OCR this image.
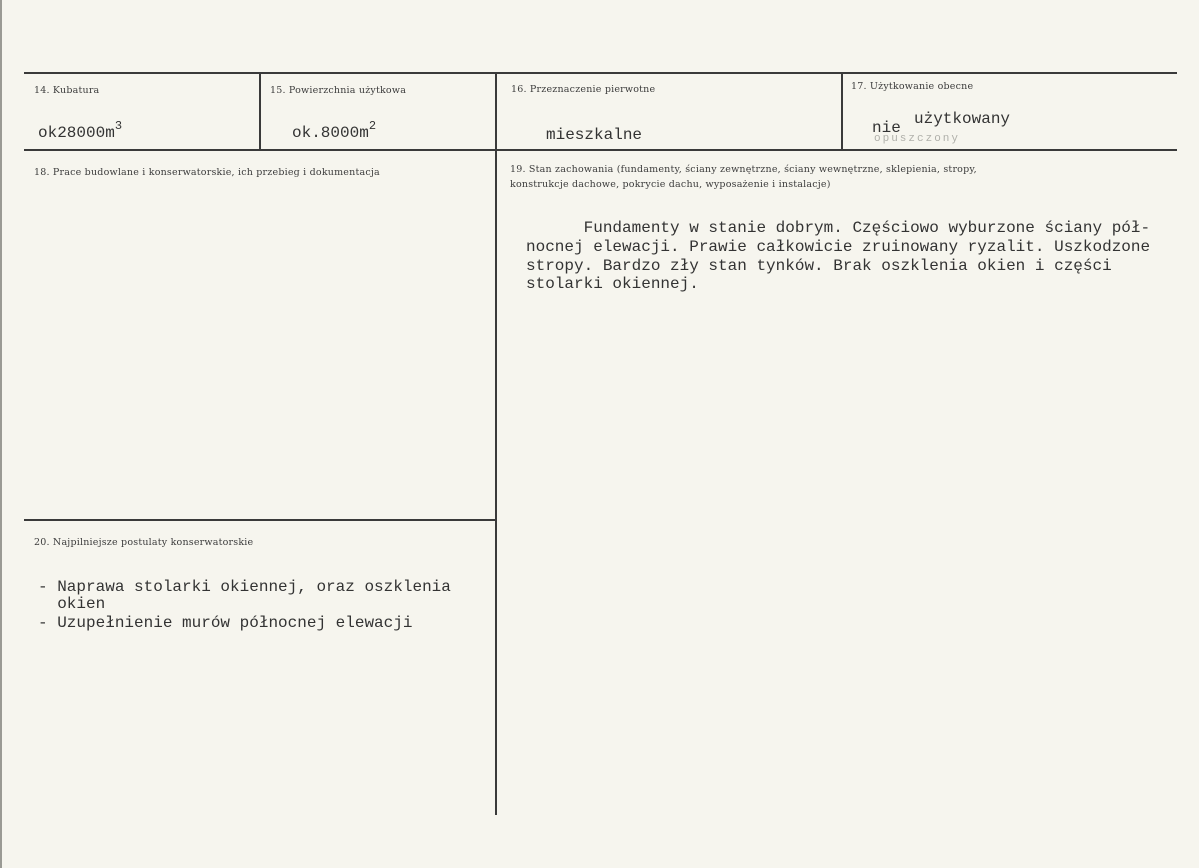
14. Kubatura
$ok28000m^3$
15. Powierzchnia użytkowa
$ok.8000m^2$
16. Przeznaczenie pierwotne
mieszkalne
17. Użytkowanie obecne
nie użytkowany
opuszczony
18. Prace budowlane i konserwatorskie, ich przebieg i dokumentacja	19. Stan zachowania (fundamenty, ściany zewnętrzne, ściany wewnętrzne, sklepienia, stropy,
konstrukcje dachowe, pokrycie dachu, wyposażenie i instalacje)
Fundamenty w stanie dobrym. Częściowo wyburzone ściany pół-
nocnej elewacji. Prawie całkowicie zruinowany ryzalit. Uszkodzone
stropy. Bardzo zły stan tynków. Brak oszklenia okien i części
stolarki okiennej.
20. Najpilniejsze postulaty konserwatorskie
- Naprawa stolarki okiennej, oraz oszklenia
okien
- Uzupełnienie murów północnej elewacji
